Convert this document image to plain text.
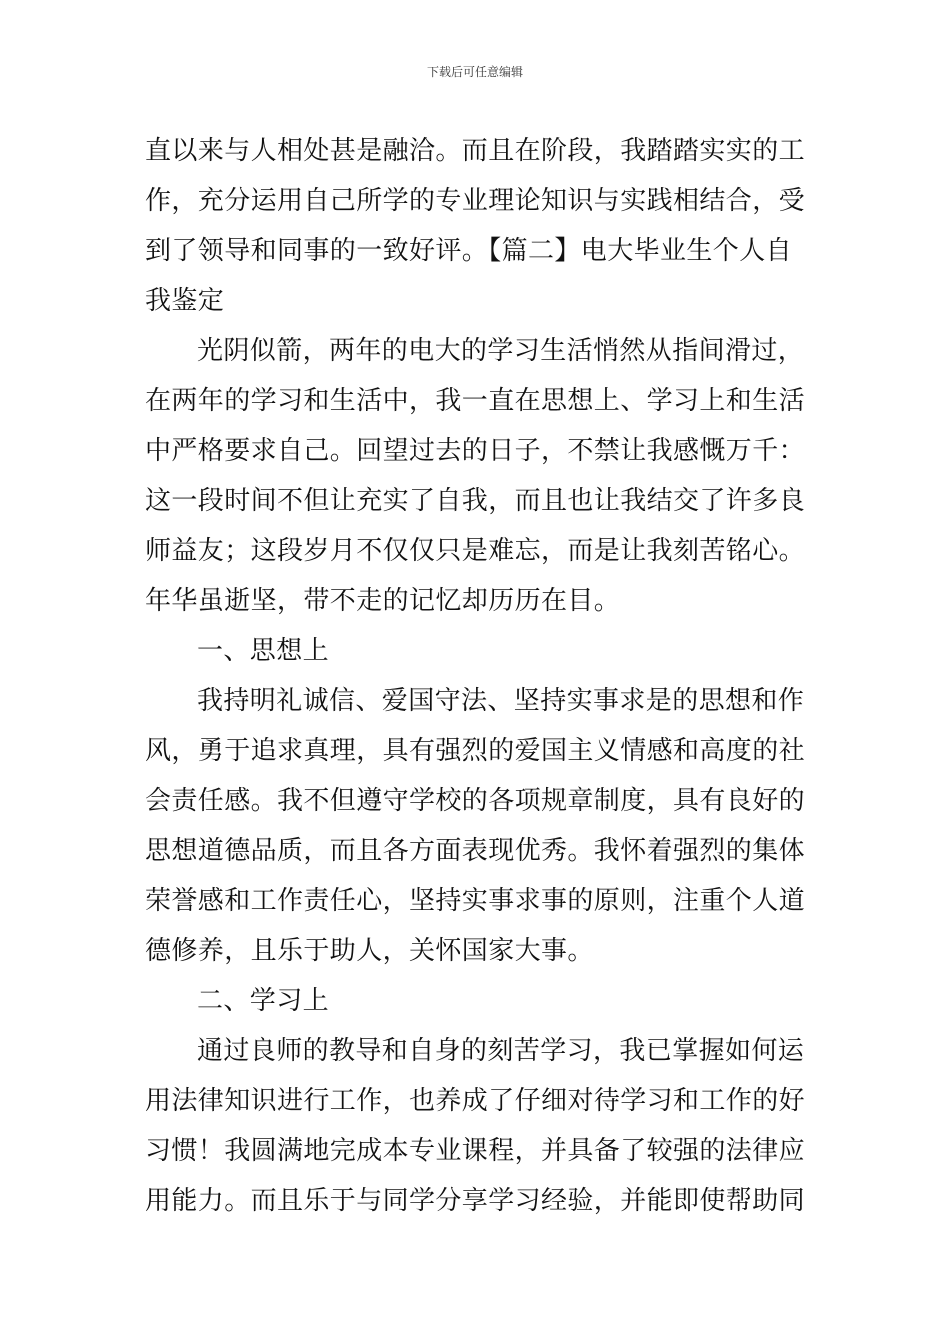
下载后可任意编辑
直以来与人相处甚是融洽。而且在阶段，我踏踏实实的工
作，充分运用自己所学的专业理论知识与实践相结合，受
到了领导和同事的一致好评。【篇二】电大毕业生个人自
我鉴定
光阴似箭，两年的电大的学习生活悄然从指间滑过，
在两年的学习和生活中，我一直在思想上、学习上和生活
中严格要求自己。回望过去的日子，不禁让我感慨万千：
这一段时间不但让充实了自我，而且也让我结交了许多良
师益友；这段岁月不仅仅只是难忘，而是让我刻苦铭心。
年华虽逝坚，带不走的记忆却历历在目。
一、思想上
我持明礼诚信、爱国守法、坚持实事求是的思想和作
风，勇于追求真理，具有强烈的爱国主义情感和高度的社
会责任感。我不但遵守学校的各项规章制度，具有良好的
思想道德品质，而且各方面表现优秀。我怀着强烈的集体
荣誉感和工作责任心，坚持实事求事的原则，注重个人道
德修养，且乐于助人，关怀国家大事。
二、学习上
通过良师的教导和自身的刻苦学习，我已掌握如何运
用法律知识进行工作，也养成了仔细对待学习和工作的好
习惯！我圆满地完成本专业课程，并具备了较强的法律应
用能力。而且乐于与同学分享学习经验，并能即使帮助同
